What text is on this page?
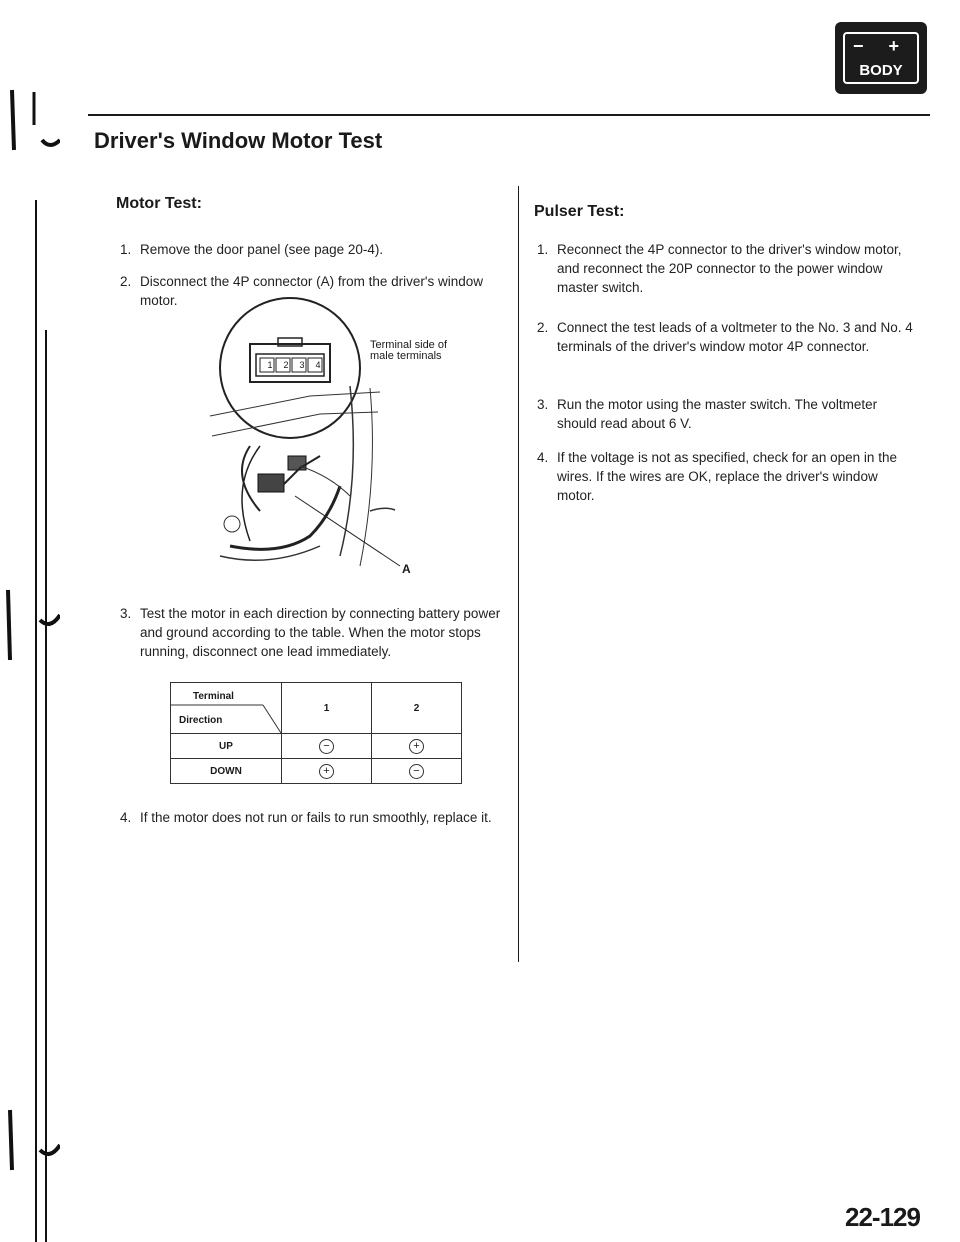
− +
BODY
Driver's Window Motor Test
Motor Test:
1. Remove the door panel (see page 20-4).
2. Disconnect the 4P connector (A) from the driver's window motor.
1	2	3	4
Terminal side of male terminals
A
3. Test the motor in each direction by connecting battery power and ground according to the table. When the motor stops running, disconnect one lead immediately.
Terminal
Direction	1	2
UP	−	+
DOWN	+	−
4. If the motor does not run or fails to run smoothly, replace it.
Pulser Test:
1. Reconnect the 4P connector to the driver's window motor, and reconnect the 20P connector to the power window master switch.
2. Connect the test leads of a voltmeter to the No. 3 and No. 4 terminals of the driver's window motor 4P connector.
3. Run the motor using the master switch. The voltmeter should read about 6 V.
4. If the voltage is not as specified, check for an open in the wires. If the wires are OK, replace the driver's window motor.
22-129
